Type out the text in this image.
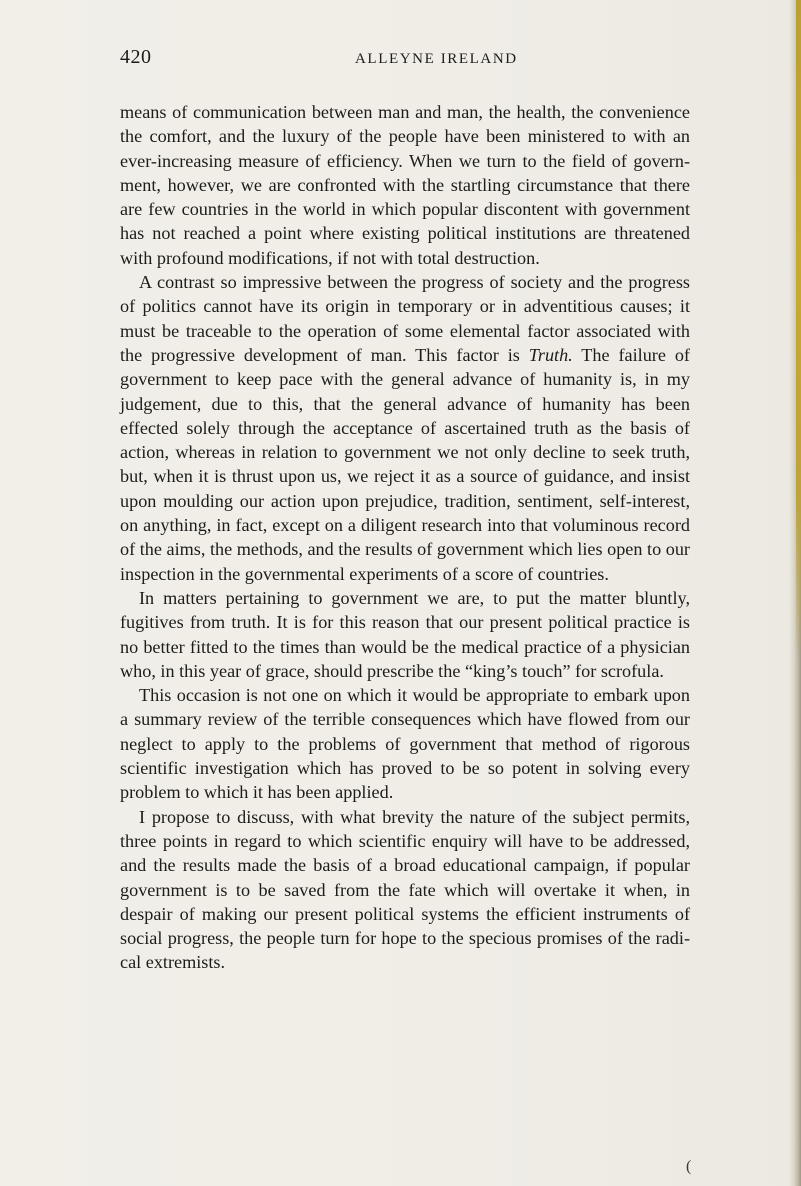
420	ALLEYNE IRELAND

means of communication between man and man, the health, the convenience the comfort, and the luxury of the people have been ministered to with an ever-increasing measure of efficiency. When we turn to the field of government, however, we are confronted with the startling circumstance that there are few countries in the world in which popular discontent with government has not reached a point where existing political institutions are threatened with profound modifications, if not with total destruction.

A contrast so impressive between the progress of society and the progress of politics cannot have its origin in temporary or in adventitious causes; it must be traceable to the operation of some elemental factor associated with the progressive development of man. This factor is Truth. The failure of government to keep pace with the general advance of humanity is, in my judgement, due to this, that the general advance of humanity has been effected solely through the acceptance of ascertained truth as the basis of action, whereas in relation to government we not only decline to seek truth, but, when it is thrust upon us, we reject it as a source of guidance, and insist upon moulding our action upon prejudice, tradition, sentiment, self-interest, on anything, in fact, except on a diligent research into that voluminous record of the aims, the methods, and the results of government which lies open to our inspection in the governmental experiments of a score of countries.

In matters pertaining to government we are, to put the matter bluntly, fugitives from truth. It is for this reason that our present political practice is no better fitted to the times than would be the medical practice of a physician who, in this year of grace, should prescribe the “king’s touch” for scrofula.

This occasion is not one on which it would be appropriate to embark upon a summary review of the terrible consequences which have flowed from our neglect to apply to the problems of government that method of rigorous scientific investigation which has proved to be so potent in solving every problem to which it has been applied.

I propose to discuss, with what brevity the nature of the subject permits, three points in regard to which scientific enquiry will have to be addressed, and the results made the basis of a broad educational campaign, if popular government is to be saved from the fate which will overtake it when, in despair of making our present political systems the efficient instruments of social progress, the people turn for hope to the specious promises of the radical extremists.

(
